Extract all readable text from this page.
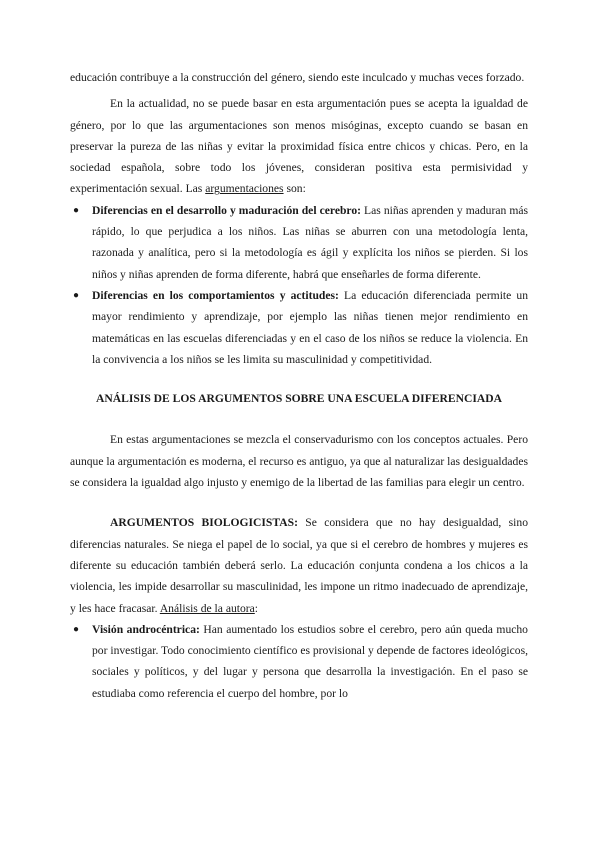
educación contribuye a la construcción del género, siendo este inculcado y muchas veces forzado.

En la actualidad, no se puede basar en esta argumentación pues se acepta la igualdad de género, por lo que las argumentaciones son menos misóginas, excepto cuando se basan en preservar la pureza de las niñas y evitar la proximidad física entre chicos y chicas. Pero, en la sociedad española, sobre todo los jóvenes, consideran positiva esta permisividad y experimentación sexual. Las argumentaciones son:

● Diferencias en el desarrollo y maduración del cerebro: Las niñas aprenden y maduran más rápido, lo que perjudica a los niños. Las niñas se aburren con una metodología lenta, razonada y analítica, pero si la metodología es ágil y explícita los niños se pierden. Si los niños y niñas aprenden de forma diferente, habrá que enseñarles de forma diferente.
● Diferencias en los comportamientos y actitudes: La educación diferenciada permite un mayor rendimiento y aprendizaje, por ejemplo las niñas tienen mejor rendimiento en matemáticas en las escuelas diferenciadas y en el caso de los niños se reduce la violencia. En la convivencia a los niños se les limita su masculinidad y competitividad.
ANÁLISIS DE LOS ARGUMENTOS SOBRE UNA ESCUELA DIFERENCIADA

En estas argumentaciones se mezcla el conservadurismo con los conceptos actuales. Pero aunque la argumentación es moderna, el recurso es antiguo, ya que al naturalizar las desigualdades se considera la igualdad algo injusto y enemigo de la libertad de las familias para elegir un centro.

ARGUMENTOS BIOLOGICISTAS: Se considera que no hay desigualdad, sino diferencias naturales. Se niega el papel de lo social, ya que si el cerebro de hombres y mujeres es diferente su educación también deberá serlo. La educación conjunta condena a los chicos a la violencia, les impide desarrollar su masculinidad, les impone un ritmo inadecuado de aprendizaje, y les hace fracasar. Análisis de la autora:

● Visión androcéntrica: Han aumentado los estudios sobre el cerebro, pero aún queda mucho por investigar. Todo conocimiento científico es provisional y depende de factores ideológicos, sociales y políticos, y del lugar y persona que desarrolla la investigación. En el paso se estudiaba como referencia el cuerpo del hombre, por lo
